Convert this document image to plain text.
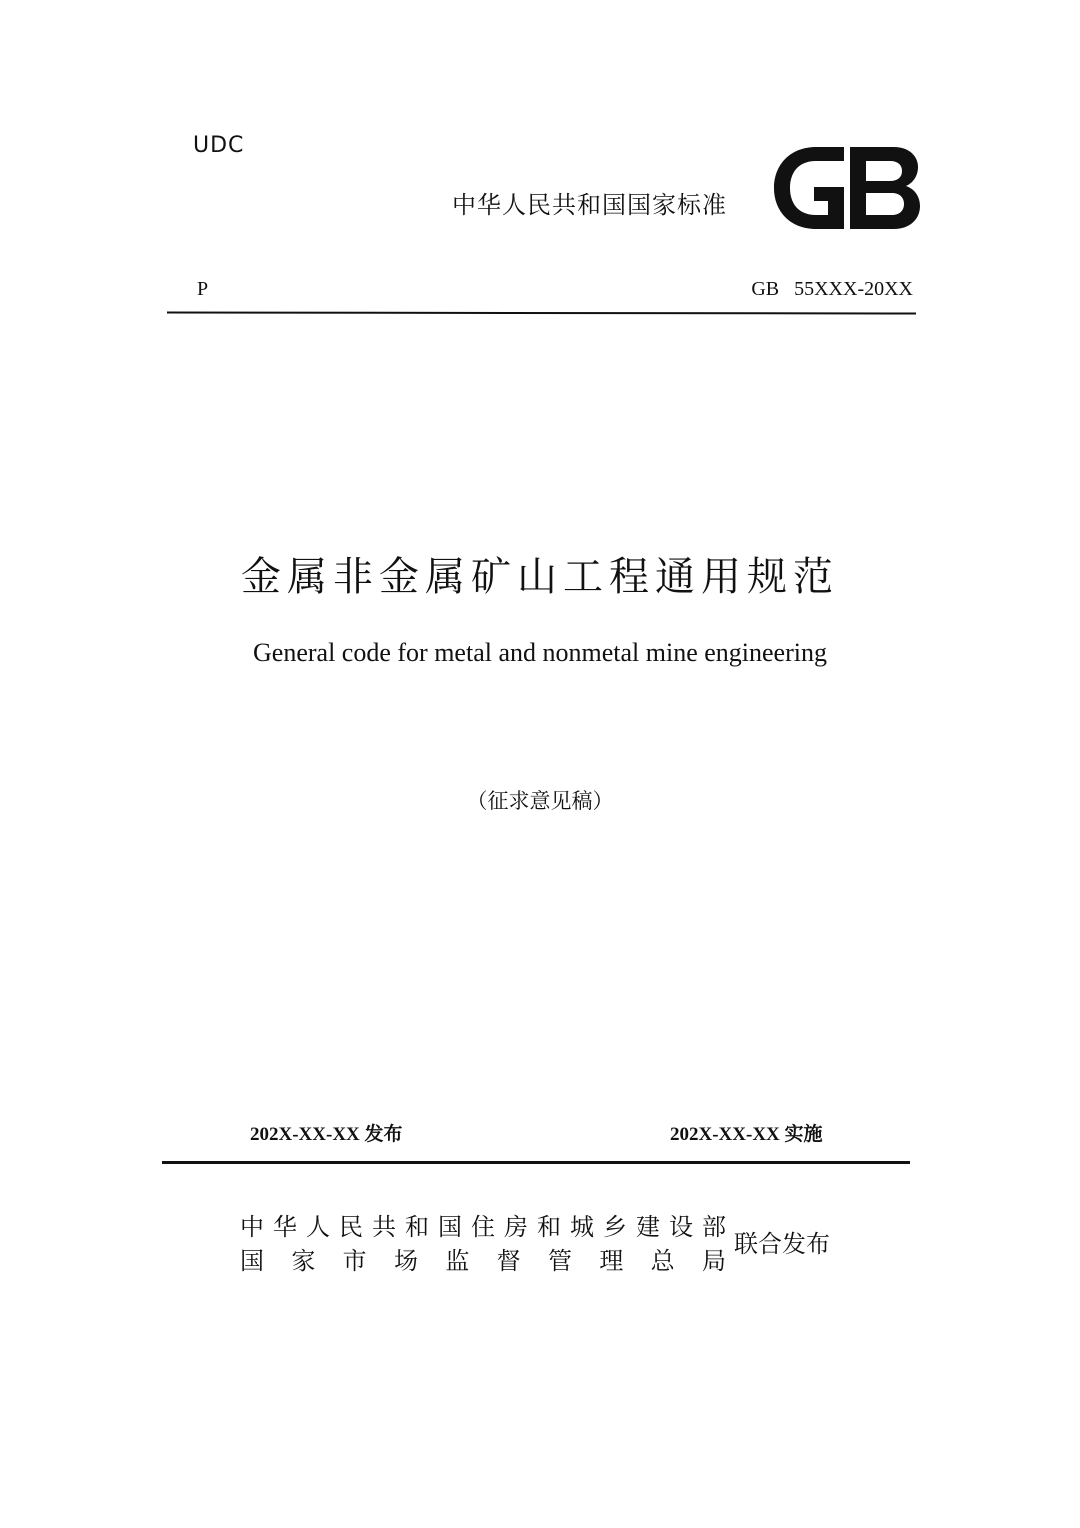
UDC
中华人民共和国国家标准
P	GB   55XXX-20XX
金属非金属矿山工程通用规范
General code for metal and nonmetal mine engineering
（征求意见稿）
202X-XX-XX 发布	202X-XX-XX 实施
中 华 人 民 共 和 国 住 房 和 城 乡 建 设 部
国 家 市 场 监 督 管 理 总 局
联合发布
